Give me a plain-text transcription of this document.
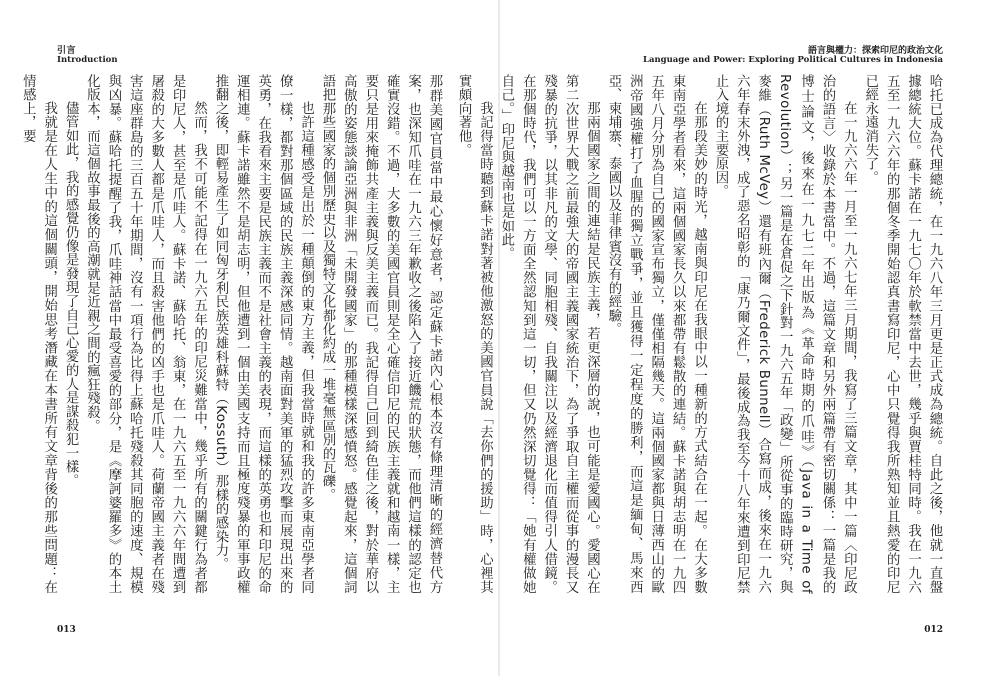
引言
Introduction
013
語言與權力：探索印尼的政治文化
Language and Power: Exploring Political Cultures in Indonesia
012

那群美國官員當中最心懷好意者，認定蘇卡諾內心根本沒有條理清晰的經濟替代方案，也深知爪哇在一九六三年歉收之後陷入了接近饑荒的狀態，而他們這樣的認定也確實沒錯。不過，大多數的美國官員則是全心確信印尼的民族主義就和越南一樣，主要只是用來掩飾共產主義與反美主義而已。我記得自己回到綺色佳之後，對於華府以高傲的姿態談論亞洲與非洲「未開發國家」的那種模樣深感憤怒。感覺起來，這個詞語把那些國家的個別歷史以及獨特文化都化約成一堆毫無區別的瓦礫。

也許這種感受是出於一種顛倒的東方主義，但我當時就和我的許多東南亞學者同僚一樣，都對那個區域的民族主義深感同情。越南面對美軍的猛烈攻擊而展現出來的英勇，在我看來主要是民族主義而不是社會主義的表現，而這樣的英勇也和印尼的命運相連。蘇卡諾雖然不是胡志明，但他遭到一個由美國支持而且極度殘暴的軍事政權推翻之後，即輕易產生了如同匈牙利民族英雄科蘇特（Kossuth）那樣的感染力。

然而，我不可能不記得在一九六五年的印尼災難當中，幾乎所有的關鍵行為者都是印尼人，甚至是爪哇人。蘇卡諾、蘇哈托、翁東，在一九六五至一九六六年間遭到屠殺的大多數人都是爪哇人，而且殺害他們的凶手也是爪哇人。荷蘭帝國主義者在殘害這座群島的三百五十年期間，沒有一項行為比得上蘇哈托殘殺其同胞的速度、規模與凶暴。蘇哈托提醒了我，爪哇神話當中最受喜愛的部分，是《摩訶婆羅多》的本土化版本，而這個故事最後的高潮就是近親之間的瘋狂殘殺。

儘管如此，我的感覺仍像是發現了自己心愛的人是謀殺犯一樣。

我就是在人生中的這個關頭，開始思考潛藏在本書所有文章背後的那些問題：在情感上，要	哈托已成為代理總統，在一九六八年三月更是正式成為總統。自此之後，他就一直盤據總統大位。蘇卡諾在一九七〇年於軟禁當中去世，幾乎與賈桂特同時。我在一九六五至一九六六年的那個冬季開始認真書寫印尼，心中只覺得我所熟知並且熱愛的印尼已經永遠消失了。

在一九六六年一月至一九六七年三月期間，我寫了三篇文章，其中一篇〈印尼政治的語言〉收錄於本書當中。不過，這篇文章和另外兩篇帶有密切關係：一篇是我的博士論文，後來在一九七二年出版為《革命時期的爪哇》（Java in a Time of Revolution）；另一篇是在倉促之下針對一九六五年「政變」所從事的臨時研究，與麥維（Ruth McVey）還有班內爾（Frederick Bunnell）合寫而成，後來在一九六六年春末外洩，成了惡名昭彰的「康乃爾文件」，最後成為我至今十八年來遭到印尼禁止入境的主要原因。

在那段美妙的時光，越南與印尼在我眼中以一種新的方式結合在一起。在大多數東南亞學者看來，這兩個國家長久以來都帶有鬆散的連結。蘇卡諾與胡志明在一九四五年八月分別為自己的國家宣布獨立，僅僅相隔幾天。這兩個國家都與日薄西山的歐洲帝國強權打了血腥的獨立戰爭，並且獲得一定程度的勝利，而這是緬甸、馬來西亞、柬埔寨、泰國以及菲律賓沒有的經驗。

那兩個國家之間的連結是民族主義，若更深層的說，也可能是愛國心。愛國心在第二次世界大戰之前最強大的帝國主義國家統治下，為了爭取自主權而從事的漫長又殘暴的抗爭，以其非凡的文學、同胞相殘、自我關注以及經濟退化而值得引人借鏡。在那個時代，我們可以一方面全然認知到這一切，但又仍然深切覺得：「她有權做她自己。」印尼與越南也是如此。

我記得當時聽到蘇卡諾對著被他激怒的美國官員說「去你們的援助」時，心裡其實頗向著他。
